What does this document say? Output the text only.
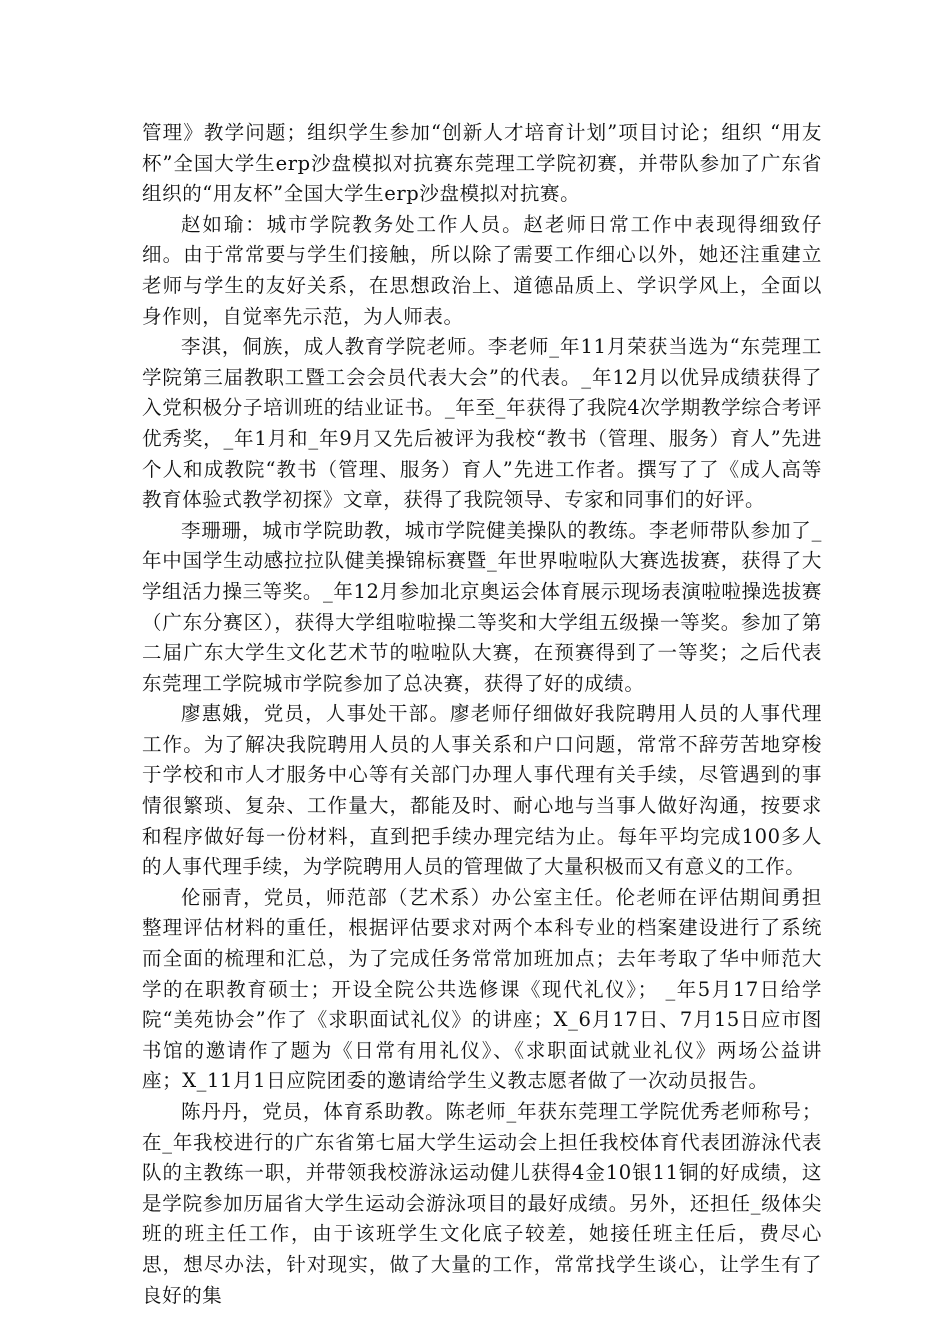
管理》教学问题；组织学生参加“创新人才培育计划”项目讨论；组织 “用友杯”全国大学生erp沙盘模拟对抗赛东莞理工学院初赛，并带队参加了广东省组织的“用友杯”全国大学生erp沙盘模拟对抗赛。

赵如瑜：城市学院教务处工作人员。赵老师日常工作中表现得细致仔细。由于常常要与学生们接触，所以除了需要工作细心以外，她还注重建立老师与学生的友好关系，在思想政治上、道德品质上、学识学风上，全面以身作则，自觉率先示范，为人师表。

李淇，侗族，成人教育学院老师。李老师_年11月荣获当选为“东莞理工学院第三届教职工暨工会会员代表大会”的代表。_年12月以优异成绩获得了入党积极分子培训班的结业证书。_年至_年获得了我院4次学期教学综合考评优秀奖，_年1月和_年9月又先后被评为我校“教书（管理、服务）育人”先进个人和成教院“教书（管理、服务）育人”先进工作者。撰写了了《成人高等教育体验式教学初探》文章，获得了我院领导、专家和同事们的好评。

李珊珊，城市学院助教，城市学院健美操队的教练。李老师带队参加了_年中国学生动感拉拉队健美操锦标赛暨_年世界啦啦队大赛选拔赛，获得了大学组活力操三等奖。_年12月参加北京奥运会体育展示现场表演啦啦操选拔赛（广东分赛区），获得大学组啦啦操二等奖和大学组五级操一等奖。参加了第二届广东大学生文化艺术节的啦啦队大赛，在预赛得到了一等奖；之后代表东莞理工学院城市学院参加了总决赛，获得了好的成绩。

廖惠娥，党员，人事处干部。廖老师仔细做好我院聘用人员的人事代理工作。为了解决我院聘用人员的人事关系和户口问题，常常不辞劳苦地穿梭于学校和市人才服务中心等有关部门办理人事代理有关手续，尽管遇到的事情很繁琐、复杂、工作量大，都能及时、耐心地与当事人做好沟通，按要求和程序做好每一份材料，直到把手续办理完结为止。每年平均完成100多人的人事代理手续，为学院聘用人员的管理做了大量积极而又有意义的工作。

伦丽青，党员，师范部（艺术系）办公室主任。伦老师在评估期间勇担整理评估材料的重任，根据评估要求对两个本科专业的档案建设进行了系统而全面的梳理和汇总，为了完成任务常常加班加点；去年考取了华中师范大学的在职教育硕士；开设全院公共选修课《现代礼仪》； _年5月17日给学院“美苑协会”作了《求职面试礼仪》的讲座；X_6月17日、7月15日应市图书馆的邀请作了题为《日常有用礼仪》、《求职面试就业礼仪》两场公益讲座；X_11月1日应院团委的邀请给学生义教志愿者做了一次动员报告。

陈丹丹，党员，体育系助教。陈老师_年获东莞理工学院优秀老师称号；在_年我校进行的广东省第七届大学生运动会上担任我校体育代表团游泳代表队的主教练一职，并带领我校游泳运动健儿获得4金10银11铜的好成绩，这是学院参加历届省大学生运动会游泳项目的最好成绩。另外，还担任_级体尖班的班主任工作，由于该班学生文化底子较差，她接任班主任后，费尽心思，想尽办法，针对现实，做了大量的工作，常常找学生谈心，让学生有了良好的集
